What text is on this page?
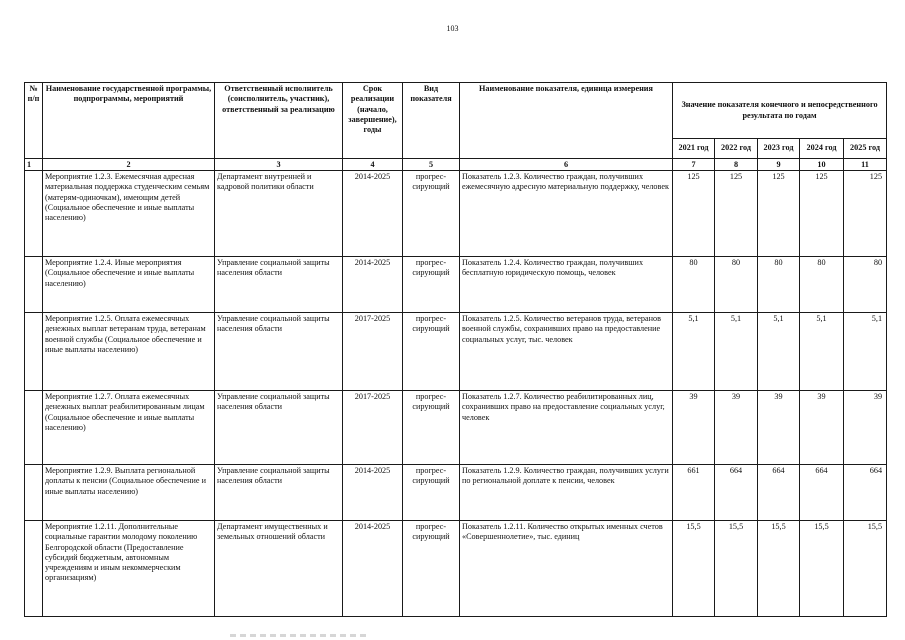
103
№ п/п	Наименование государственной программы, подпрограммы, мероприятий	Ответственный исполнитель (соисполнитель, участник), ответственный за реализацию	Срок реализации (начало, завершение), годы	Вид показателя	Наименование показателя, единица измерения	Значение показателя конечного и непосредственного результата по годам				
						2021 год	2022 год	2023 год	2024 год	2025 год
1	2	3	4	5	6	7	8	9	10	11
	Мероприятие 1.2.3. Ежемесячная адресная материальная поддержка студенческим семьям (матерям-одиночкам), имеющим детей (Социальное обеспечение и иные выплаты населению)	Департамент внутренней и кадровой политики области	2014-2025	прогрес-сирующий	Показатель 1.2.3. Количество граждан, получивших ежемесячную адресную материальную поддержку, человек	125	125	125	125	125
	Мероприятие 1.2.4. Иные мероприятия (Социальное обеспечение и иные выплаты населению)	Управление социальной защиты населения области	2014-2025	прогрес-сирующий	Показатель 1.2.4. Количество граждан, получивших бесплатную юридическую помощь, человек	80	80	80	80	80
	Мероприятие 1.2.5. Оплата ежемесячных денежных выплат ветеранам труда, ветеранам военной службы (Социальное обеспечение и иные выплаты населению)	Управление социальной защиты населения области	2017-2025	прогрес-сирующий	Показатель 1.2.5. Количество ветеранов труда, ветеранов военной службы, сохранивших право на предоставление социальных услуг, тыс. человек	5,1	5,1	5,1	5,1	5,1
	Мероприятие 1.2.7. Оплата ежемесячных денежных выплат реабилитированным лицам (Социальное обеспечение и иные выплаты населению)	Управление социальной защиты населения области	2017-2025	прогрес-сирующий	Показатель 1.2.7. Количество реабилитированных лиц, сохранивших право на предоставление социальных услуг, человек	39	39	39	39	39
	Мероприятие 1.2.9. Выплата региональной доплаты к пенсии (Социальное обеспечение и иные выплаты населению)	Управление социальной защиты населения области	2014-2025	прогрес-сирующий	Показатель 1.2.9. Количество граждан, получивших услуги по региональной доплате к пенсии, человек	661	664	664	664	664
	Мероприятие 1.2.11. Дополнительные социальные гарантии молодому поколению Белгородской области (Предоставление субсидий бюджетным, автономным учреждениям и иным некоммерческим организациям)	Департамент имущественных и земельных отношений области	2014-2025	прогрес-сирующий	Показатель 1.2.11. Количество открытых именных счетов «Совершеннолетие», тыс. единиц	15,5	15,5	15,5	15,5	15,5
